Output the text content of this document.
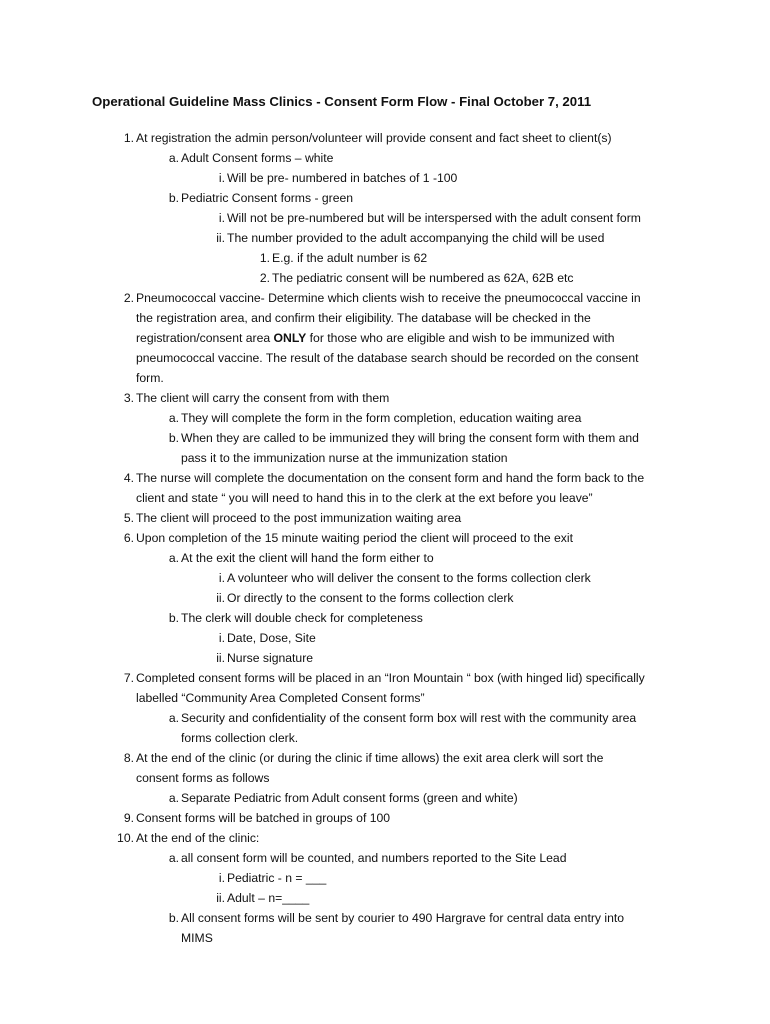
Operational Guideline Mass Clinics - Consent Form Flow - Final October 7, 2011
1. At registration the admin person/volunteer will provide consent and fact sheet to client(s)
a. Adult Consent forms – white
i. Will be pre- numbered in batches of 1 -100
b. Pediatric Consent forms - green
i. Will not be pre-numbered but will be interspersed with the adult consent form
ii. The number provided to the adult accompanying the child will be used
1. E.g. if the adult number is 62
2. The pediatric consent will be numbered as 62A, 62B etc
2. Pneumococcal vaccine- Determine which clients wish to receive the pneumococcal vaccine in
the registration area, and confirm their eligibility. The database will be checked in the
registration/consent area ONLY for those who are eligible and wish to be immunized with
pneumococcal vaccine. The result of the database search should be recorded on the consent
form.
3. The client will carry the consent from with them
a. They will complete the form in the form completion, education waiting area
b. When they are called to be immunized they will bring the consent form with them and
pass it to the immunization nurse at the immunization station
4. The nurse will complete the documentation on the consent form and hand the form back to the
client and state “ you will need to hand this in to the clerk at the ext before you leave”
5. The client will proceed to the post immunization waiting area
6. Upon completion of the 15 minute waiting period the client will proceed to the exit
a. At the exit the client will hand the form either to
i. A volunteer who will deliver the consent to the forms collection clerk
ii. Or directly to the consent to the forms collection clerk
b. The clerk will double check for completeness
i. Date, Dose, Site
ii. Nurse signature
7. Completed consent forms will be placed in an “Iron Mountain “ box (with hinged lid) specifically
labelled “Community Area Completed Consent forms”
a. Security and confidentiality of the consent form box will rest with the community area
forms collection clerk.
8. At the end of the clinic (or during the clinic if time allows) the exit area clerk will sort the
consent forms as follows
a. Separate Pediatric from Adult consent forms (green and white)
9. Consent forms will be batched in groups of 100
10. At the end of the clinic:
a. all consent form will be counted, and numbers reported to the Site Lead
i. Pediatric - n = ___
ii. Adult – n=____
b. All consent forms will be sent by courier to 490 Hargrave for central data entry into
MIMS
